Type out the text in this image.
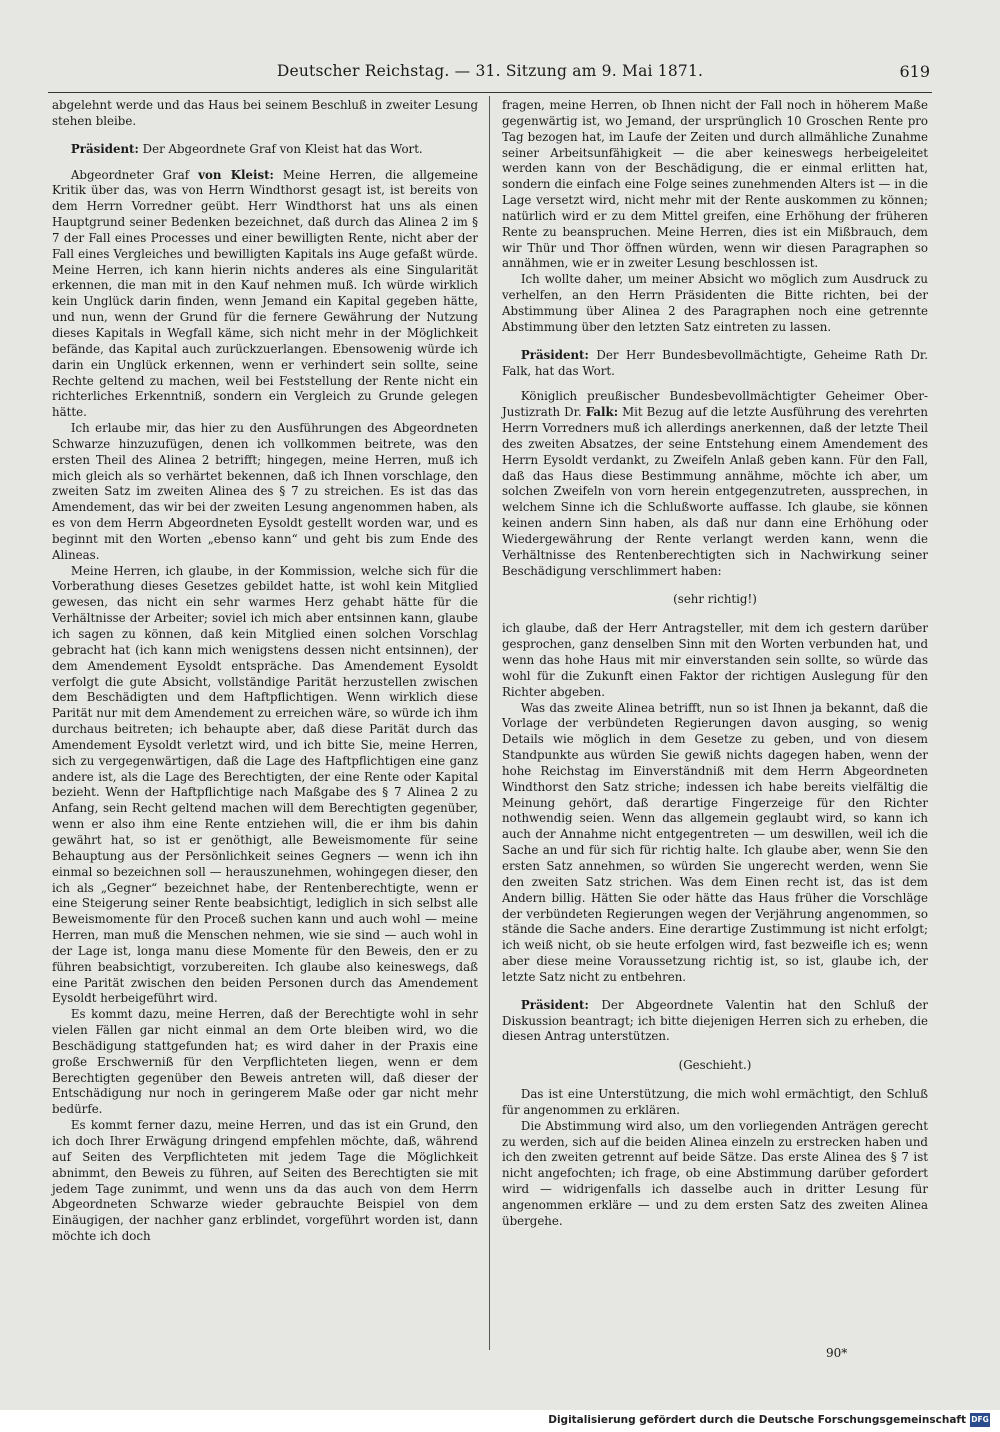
Deutscher Reichstag. — 31. Sitzung am 9. Mai 1871.	619

abgelehnt werde und das Haus bei seinem Beschluß in zweiter Lesung stehen bleibe.

Präsident: Der Abgeordnete Graf von Kleist hat das Wort.

Abgeordneter Graf von Kleist: Meine Herren, die allgemeine Kritik über das, was von Herrn Windthorst gesagt ist, ist bereits von dem Herrn Vorredner geübt. Herr Windthorst hat uns als einen Hauptgrund seiner Bedenken bezeichnet, daß durch das Alinea 2 im § 7 der Fall eines Processes und einer bewilligten Rente, nicht aber der Fall eines Vergleiches und bewilligten Kapitals ins Auge gefaßt würde. Meine Herren, ich kann hierin nichts anderes als eine Singularität erkennen, die man mit in den Kauf nehmen muß. Ich würde wirklich kein Unglück darin finden, wenn Jemand ein Kapital gegeben hätte, und nun, wenn der Grund für die fernere Gewährung der Nutzung dieses Kapitals in Wegfall käme, sich nicht mehr in der Möglichkeit befände, das Kapital auch zurückzuerlangen. Ebensowenig würde ich darin ein Unglück erkennen, wenn er verhindert sein sollte, seine Rechte geltend zu machen, weil bei Feststellung der Rente nicht ein richterliches Erkenntniß, sondern ein Vergleich zu Grunde gelegen hätte.

Ich erlaube mir, das hier zu den Ausführungen des Abgeordneten Schwarze hinzuzufügen, denen ich vollkommen beitrete, was den ersten Theil des Alinea 2 betrifft; hingegen, meine Herren, muß ich mich gleich als so verhärtet bekennen, daß ich Ihnen vorschlage, den zweiten Satz im zweiten Alinea des § 7 zu streichen. Es ist das das Amendement, das wir bei der zweiten Lesung angenommen haben, als es von dem Herrn Abgeordneten Eysoldt gestellt worden war, und es beginnt mit den Worten „ebenso kann“ und geht bis zum Ende des Alineas.

Meine Herren, ich glaube, in der Kommission, welche sich für die Vorberathung dieses Gesetzes gebildet hatte, ist wohl kein Mitglied gewesen, das nicht ein sehr warmes Herz gehabt hätte für die Verhältnisse der Arbeiter; soviel ich mich aber entsinnen kann, glaube ich sagen zu können, daß kein Mitglied einen solchen Vorschlag gebracht hat (ich kann mich wenigstens dessen nicht entsinnen), der dem Amendement Eysoldt entspräche. Das Amendement Eysoldt verfolgt die gute Absicht, vollständige Parität herzustellen zwischen dem Beschädigten und dem Haftpflichtigen. Wenn wirklich diese Parität nur mit dem Amendement zu erreichen wäre, so würde ich ihm durchaus beitreten; ich behaupte aber, daß diese Parität durch das Amendement Eysoldt verletzt wird, und ich bitte Sie, meine Herren, sich zu vergegenwärtigen, daß die Lage des Haftpflichtigen eine ganz andere ist, als die Lage des Berechtigten, der eine Rente oder Kapital bezieht. Wenn der Haftpflichtige nach Maßgabe des § 7 Alinea 2 zu Anfang, sein Recht geltend machen will dem Berechtigten gegenüber, wenn er also ihm eine Rente entziehen will, die er ihm bis dahin gewährt hat, so ist er genöthigt, alle Beweismomente für seine Behauptung aus der Persönlichkeit seines Gegners — wenn ich ihn einmal so bezeichnen soll — herauszunehmen, wohingegen dieser, den ich als „Gegner“ bezeichnet habe, der Rentenberechtigte, wenn er eine Steigerung seiner Rente beabsichtigt, lediglich in sich selbst alle Beweismomente für den Proceß suchen kann und auch wohl — meine Herren, man muß die Menschen nehmen, wie sie sind — auch wohl in der Lage ist, longa manu diese Momente für den Beweis, den er zu führen beabsichtigt, vorzubereiten. Ich glaube also keineswegs, daß eine Parität zwischen den beiden Personen durch das Amendement Eysoldt herbeigeführt wird.

Es kommt dazu, meine Herren, daß der Berechtigte wohl in sehr vielen Fällen gar nicht einmal an dem Orte bleiben wird, wo die Beschädigung stattgefunden hat; es wird daher in der Praxis eine große Erschwerniß für den Verpflichteten liegen, wenn er dem Berechtigten gegenüber den Beweis antreten will, daß dieser der Entschädigung nur noch in geringerem Maße oder gar nicht mehr bedürfe.

Es kommt ferner dazu, meine Herren, und das ist ein Grund, den ich doch Ihrer Erwägung dringend empfehlen möchte, daß, während auf Seiten des Verpflichteten mit jedem Tage die Möglichkeit abnimmt, den Beweis zu führen, auf Seiten des Berechtigten sie mit jedem Tage zunimmt, und wenn uns da das auch von dem Herrn Abgeordneten Schwarze wieder gebrauchte Beispiel von dem Einäugigen, der nachher ganz erblindet, vorgeführt worden ist, dann möchte ich doch

fragen, meine Herren, ob Ihnen nicht der Fall noch in höherem Maße gegenwärtig ist, wo Jemand, der ursprünglich 10 Groschen Rente pro Tag bezogen hat, im Laufe der Zeiten und durch allmähliche Zunahme seiner Arbeitsunfähigkeit — die aber keineswegs herbeigeleitet werden kann von der Beschädigung, die er einmal erlitten hat, sondern die einfach eine Folge seines zunehmenden Alters ist — in die Lage versetzt wird, nicht mehr mit der Rente auskommen zu können; natürlich wird er zu dem Mittel greifen, eine Erhöhung der früheren Rente zu beanspruchen. Meine Herren, dies ist ein Mißbrauch, dem wir Thür und Thor öffnen würden, wenn wir diesen Paragraphen so annähmen, wie er in zweiter Lesung beschlossen ist.

Ich wollte daher, um meiner Absicht wo möglich zum Ausdruck zu verhelfen, an den Herrn Präsidenten die Bitte richten, bei der Abstimmung über Alinea 2 des Paragraphen noch eine getrennte Abstimmung über den letzten Satz eintreten zu lassen.

Präsident: Der Herr Bundesbevollmächtigte, Geheime Rath Dr. Falk, hat das Wort.

Königlich preußischer Bundesbevollmächtigter Geheimer Ober-Justizrath Dr. Falk: Mit Bezug auf die letzte Ausführung des verehrten Herrn Vorredners muß ich allerdings anerkennen, daß der letzte Theil des zweiten Absatzes, der seine Entstehung einem Amendement des Herrn Eysoldt verdankt, zu Zweifeln Anlaß geben kann. Für den Fall, daß das Haus diese Bestimmung annähme, möchte ich aber, um solchen Zweifeln von vorn herein entgegenzutreten, aussprechen, in welchem Sinne ich die Schlußworte auffasse. Ich glaube, sie können keinen andern Sinn haben, als daß nur dann eine Erhöhung oder Wiedergewährung der Rente verlangt werden kann, wenn die Verhältnisse des Rentenberechtigten sich in Nachwirkung seiner Beschädigung verschlimmert haben:

(sehr richtig!)

ich glaube, daß der Herr Antragsteller, mit dem ich gestern darüber gesprochen, ganz denselben Sinn mit den Worten verbunden hat, und wenn das hohe Haus mit mir einverstanden sein sollte, so würde das wohl für die Zukunft einen Faktor der richtigen Auslegung für den Richter abgeben.

Was das zweite Alinea betrifft, nun so ist Ihnen ja bekannt, daß die Vorlage der verbündeten Regierungen davon ausging, so wenig Details wie möglich in dem Gesetze zu geben, und von diesem Standpunkte aus würden Sie gewiß nichts dagegen haben, wenn der hohe Reichstag im Einverständniß mit dem Herrn Abgeordneten Windthorst den Satz striche; indessen ich habe bereits vielfältig die Meinung gehört, daß derartige Fingerzeige für den Richter nothwendig seien. Wenn das allgemein geglaubt wird, so kann ich auch der Annahme nicht entgegentreten — um deswillen, weil ich die Sache an und für sich für richtig halte. Ich glaube aber, wenn Sie den ersten Satz annehmen, so würden Sie ungerecht werden, wenn Sie den zweiten Satz strichen. Was dem Einen recht ist, das ist dem Andern billig. Hätten Sie oder hätte das Haus früher die Vorschläge der verbündeten Regierungen wegen der Verjährung angenommen, so stände die Sache anders. Eine derartige Zustimmung ist nicht erfolgt; ich weiß nicht, ob sie heute erfolgen wird, fast bezweifle ich es; wenn aber diese meine Voraussetzung richtig ist, so ist, glaube ich, der letzte Satz nicht zu entbehren.

Präsident: Der Abgeordnete Valentin hat den Schluß der Diskussion beantragt; ich bitte diejenigen Herren sich zu erheben, die diesen Antrag unterstützen.

(Geschieht.)

Das ist eine Unterstützung, die mich wohl ermächtigt, den Schluß für angenommen zu erklären.

Die Abstimmung wird also, um den vorliegenden Anträgen gerecht zu werden, sich auf die beiden Alinea einzeln zu erstrecken haben und ich den zweiten getrennt auf beide Sätze. Das erste Alinea des § 7 ist nicht angefochten; ich frage, ob eine Abstimmung darüber gefordert wird — widrigenfalls ich dasselbe auch in dritter Lesung für angenommen erkläre — und zu dem ersten Satz des zweiten Alinea übergehe.

90*
Digitalisierung gefördert durch die Deutsche Forschungsgemeinschaft DFG
